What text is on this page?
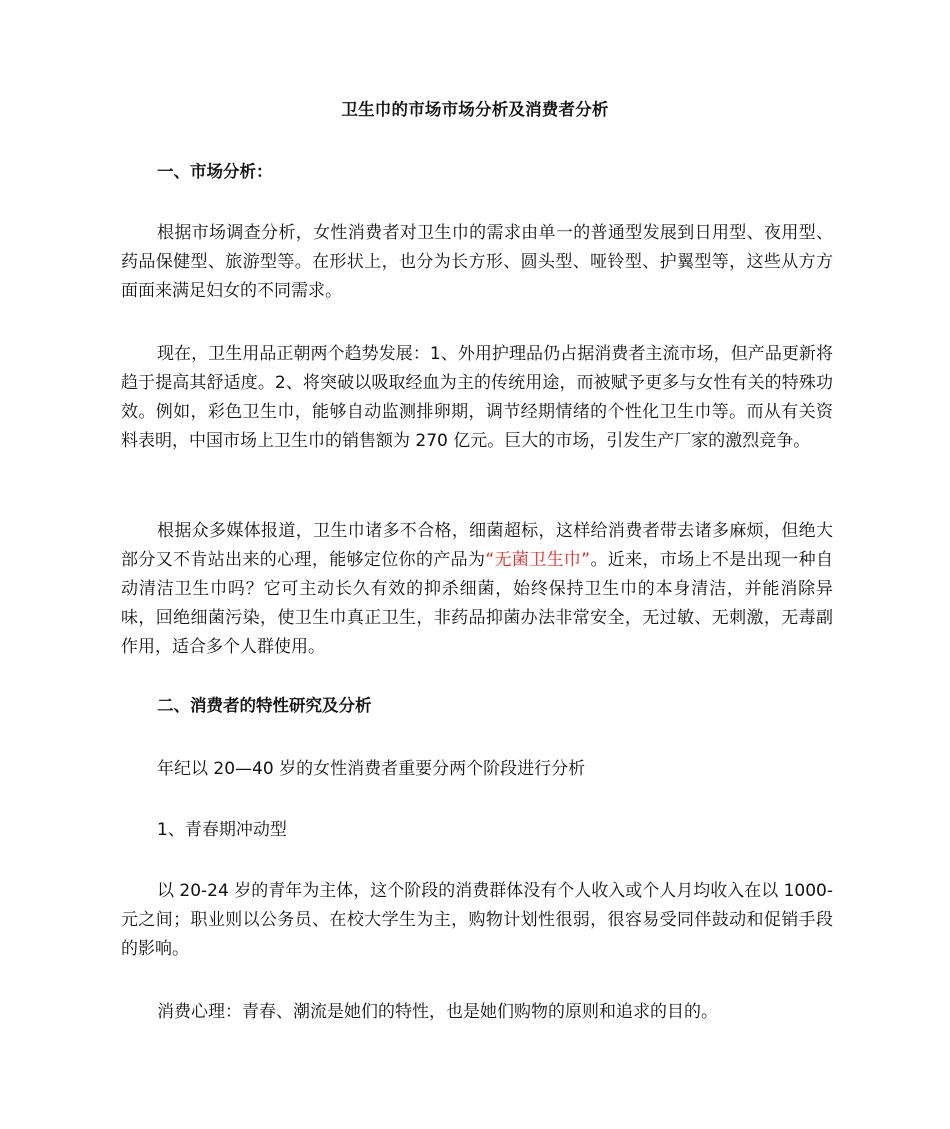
卫生巾的市场市场分析及消费者分析
一、市场分析：

根据市场调查分析，女性消费者对卫生巾的需求由单一的普通型发展到日用型、夜用型、药品保健型、旅游型等。在形状上，也分为长方形、圆头型、哑铃型、护翼型等，这些从方方面面来满足妇女的不同需求。

现在，卫生用品正朝两个趋势发展：1、外用护理品仍占据消费者主流市场，但产品更新将趋于提高其舒适度。2、将突破以吸取经血为主的传统用途，而被赋予更多与女性有关的特殊功效。例如，彩色卫生巾，能够自动监测排卵期，调节经期情绪的个性化卫生巾等。而从有关资料表明，中国市场上卫生巾的销售额为 270 亿元。巨大的市场，引发生产厂家的激烈竞争。

根据众多媒体报道，卫生巾诸多不合格，细菌超标，这样给消费者带去诸多麻烦，但绝大部分又不肯站出来的心理，能够定位你的产品为“无菌卫生巾”。近来，市场上不是出现一种自动清洁卫生巾吗？它可主动长久有效的抑杀细菌，始终保持卫生巾的本身清洁，并能消除异味，回绝细菌污染，使卫生巾真正卫生，非药品抑菌办法非常安全，无过敏、无刺激，无毒副作用，适合多个人群使用。

二、消费者的特性研究及分析
年纪以 20—40 岁的女性消费者重要分两个阶段进行分析
1、青春期冲动型

以 20-24 岁的青年为主体，这个阶段的消费群体没有个人收入或个人月均收入在以 1000-元之间；职业则以公务员、在校大学生为主，购物计划性很弱，很容易受同伴鼓动和促销手段的影响。

消费心理：青春、潮流是她们的特性，也是她们购物的原则和追求的目的。
